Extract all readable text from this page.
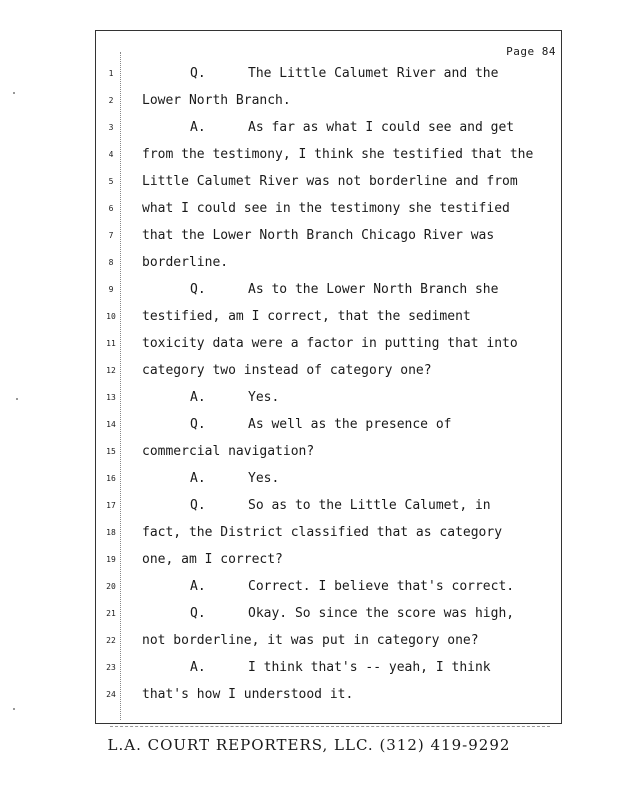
Page 84
1	Q.	The Little Calumet River and the
2	Lower North Branch.
3	A.	As far as what I could see and get
4	from the testimony, I think she testified that the
5	Little Calumet River was not borderline and from
6	what I could see in the testimony she testified
7	that the Lower North Branch Chicago River was
8	borderline.
9	Q.	As to the Lower North Branch she
10 testified, am I correct, that the sediment
11 toxicity data were a factor in putting that into
12 category two instead of category one?
13	A.	Yes.
14	Q.	As well as the presence of
15 commercial navigation?
16	A.	Yes.
17	Q.	So as to the Little Calumet, in
18 fact, the District classified that as category
19 one, am I correct?
20	A.	Correct. I believe that's correct.
21	Q.	Okay. So since the score was high,
22 not borderline, it was put in category one?
23	A.	I think that's -- yeah, I think
24 that's how I understood it.
L.A. COURT REPORTERS, LLC. (312) 419-9292
